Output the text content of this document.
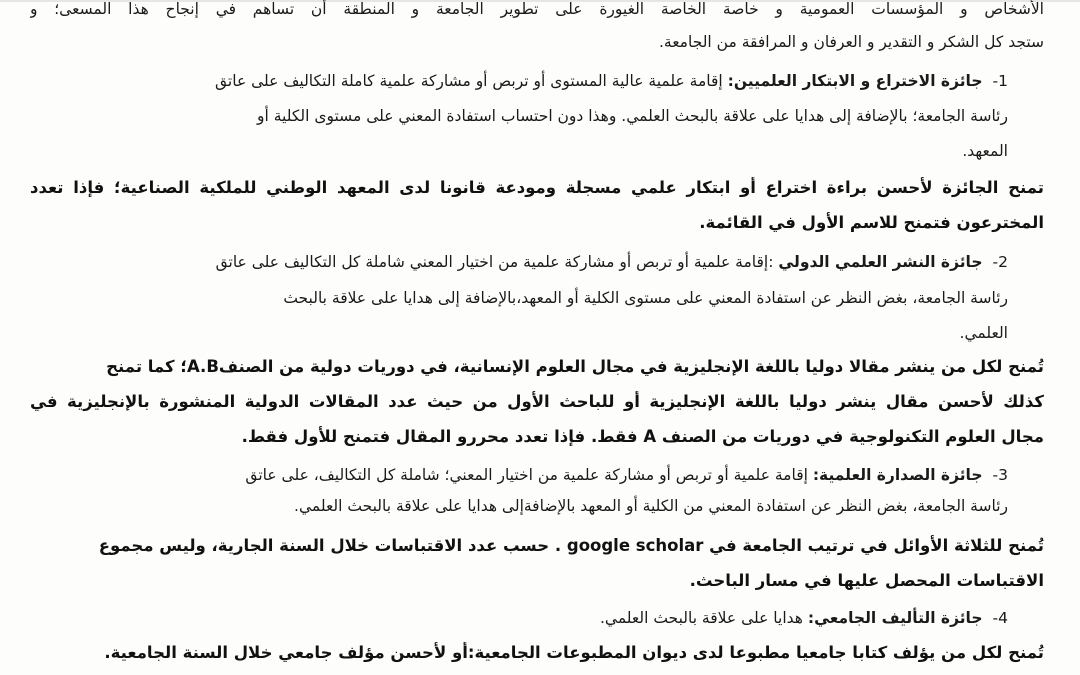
الأشخاص و المؤسسات العمومية و خاصة الخاصة الغيورة على تطوير الجامعة و المنطقة أن تساهم في إنجاح هذا المسعى؛ و
ستجد كل الشكر و التقدير و العرفان و المرافقة من الجامعة.
1-جائزة الاختراع و الابتكار العلميين: إقامة علمية عالية المستوى أو تربص أو مشاركة علمية كاملة التكاليف على عاتق
رئاسة الجامعة؛ بالإضافة إلى هدايا على علاقة بالبحث العلمي. وهذا دون احتساب استفادة المعني على مستوى الكلية أو
المعهد.
تمنح الجائزة لأحسن براءة اختراع أو ابتكار علمي مسجلة ومودعة قانونا لدى المعهد الوطني للملكية الصناعية؛ فإذا تعدد
المخترعون فتمنح للاسم الأول في القائمة.
2-جائزة النشر العلمي الدولي :إقامة علمية أو تربص أو مشاركة علمية من اختيار المعني شاملة كل التكاليف على عاتق
رئاسة الجامعة، بغض النظر عن استفادة المعني على مستوى الكلية أو المعهد،بالإضافة إلى هدايا على علاقة بالبحث
العلمي.
تُمنح لكل من ينشر مقالا دوليا باللغة الإنجليزية في مجال العلوم الإنسانية، في دوريات دولية من الصنفA.B؛ كما تمنح
كذلك لأحسن مقال ينشر دوليا باللغة الإنجليزية أو للباحث الأول من حيث عدد المقالات الدولية المنشورة بالإنجليزية في
مجال العلوم التكنولوجية في دوريات من الصنف A فقط. فإذا تعدد محررو المقال فتمنح للأول فقط.
3-جائزة الصدارة العلمية: إقامة علمية أو تربص أو مشاركة علمية من اختيار المعني؛ شاملة كل التكاليف، على عاتق
رئاسة الجامعة، بغض النظر عن استفادة المعني من الكلية أو المعهد بالإضافةإلى هدايا على علاقة بالبحث العلمي.
تُمنح للثلاثة الأوائل في ترتيب الجامعة في google scholar . حسب عدد الاقتباسات خلال السنة الجارية، وليس مجموع
الاقتباسات المحصل عليها في مسار الباحث.
4-جائزة التأليف الجامعي: هدايا على علاقة بالبحث العلمي.
تُمنح لكل من يؤلف كتابا جامعيا مطبوعا لدى ديوان المطبوعات الجامعية:أو لأحسن مؤلف جامعي خلال السنة الجامعية.
